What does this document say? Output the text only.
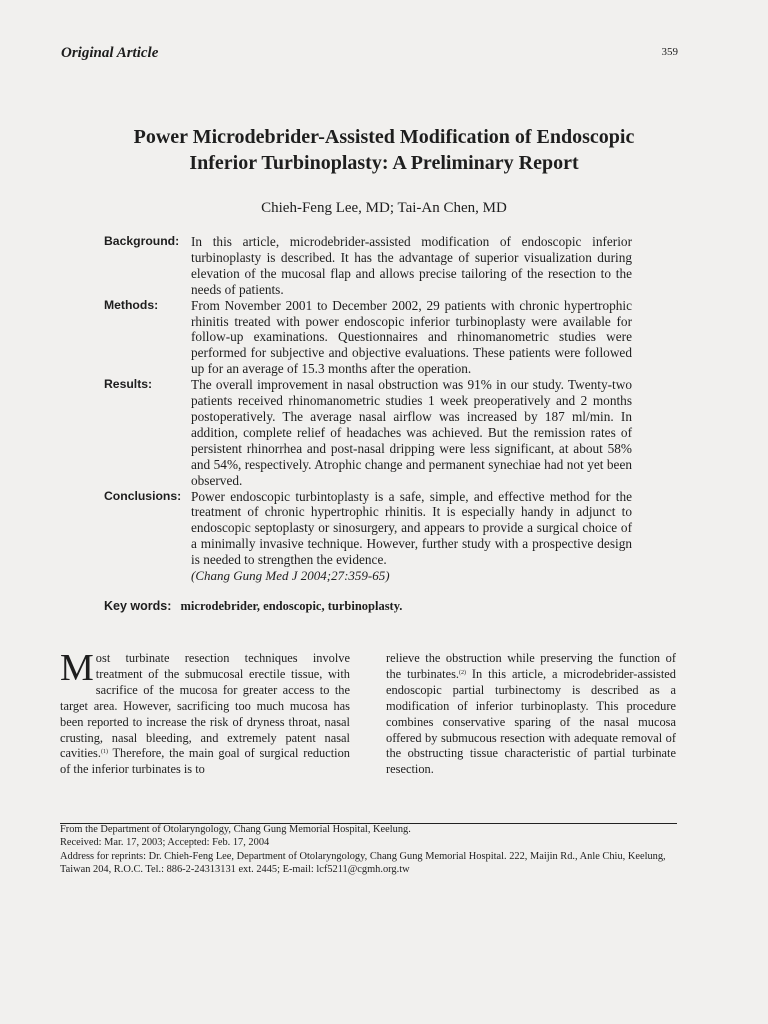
Original Article	359
Power Microdebrider-Assisted Modification of Endoscopic
Inferior Turbinoplasty: A Preliminary Report
Chieh-Feng Lee, MD; Tai-An Chen, MD
Background: In this article, microdebrider-assisted modification of endoscopic inferior turbinoplasty is described. It has the advantage of superior visualization during elevation of the mucosal flap and allows precise tailoring of the resection to the needs of patients.
Methods:	From November 2001 to December 2002, 29 patients with chronic hypertrophic rhinitis treated with power endoscopic inferior turbinoplasty were available for follow-up examinations. Questionnaires and rhinomanometric studies were performed for subjective and objective evaluations. These patients were followed up for an average of 15.3 months after the operation.
Results:	The overall improvement in nasal obstruction was 91% in our study. Twenty-two patients received rhinomanometric studies 1 week preoperatively and 2 months postoperatively. The average nasal airflow was increased by 187 ml/min. In addition, complete relief of headaches was achieved. But the remission rates of persistent rhinorrhea and post-nasal dripping were less significant, at about 58% and 54%, respectively. Atrophic change and permanent synechiae had not yet been observed.
Conclusions: Power endoscopic turbintoplasty is a safe, simple, and effective method for the treatment of chronic hypertrophic rhinitis. It is especially handy in adjunct to endoscopic septoplasty or sinosurgery, and appears to provide a surgical choice of a minimally invasive technique. However, further study with a prospective design is needed to strengthen the evidence.
(Chang Gung Med J 2004;27:359-65)
Key words: microdebrider, endoscopic, turbinoplasty.
Most turbinate resection techniques involve treatment of the submucosal erectile tissue, with sacrifice of the mucosa for greater access to the target area. However, sacrificing too much mucosa has been reported to increase the risk of dryness throat, nasal crusting, nasal bleeding, and extremely patent nasal cavities.$^{(1)}$ Therefore, the main goal of surgical reduction of the inferior turbinates is to
relieve the obstruction while preserving the function of the turbinates.$^{(2)}$ In this article, a microdebrider-assisted endoscopic partial turbinectomy is described as a modification of inferior turbinoplasty. This procedure combines conservative sparing of the nasal mucosa offered by submucous resection with adequate removal of the obstructing tissue characteristic of partial turbinate resection.
From the Department of Otolaryngology, Chang Gung Memorial Hospital, Keelung.
Received: Mar. 17, 2003; Accepted: Feb. 17, 2004
Address for reprints: Dr. Chieh-Feng Lee, Department of Otolaryngology, Chang Gung Memorial Hospital. 222, Maijin Rd., Anle Chiu, Keelung, Taiwan 204, R.O.C. Tel.: 886-2-24313131 ext. 2445; E-mail: lcf5211@cgmh.org.tw
